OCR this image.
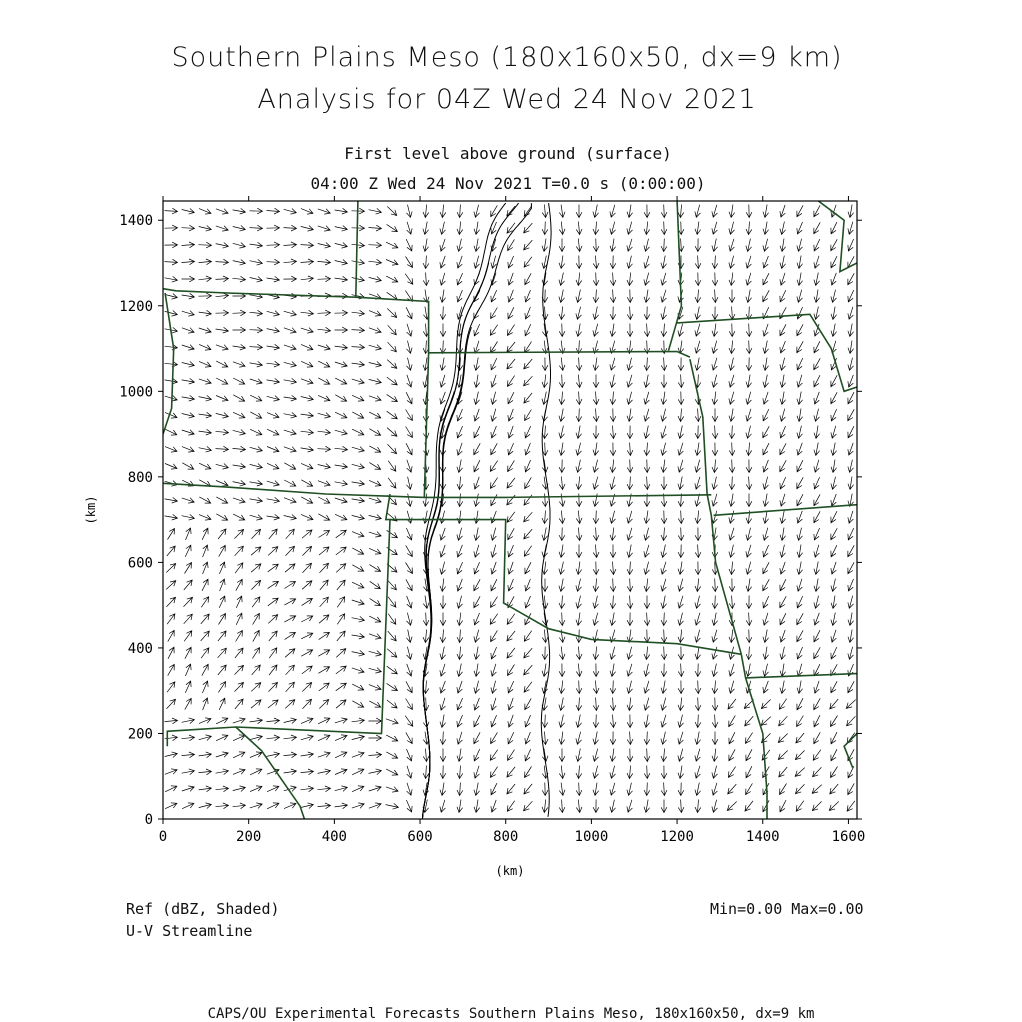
Southern Plains Meso (180x160x50, dx=9 km)
Analysis for 04Z Wed 24 Nov 2021
First level above ground (surface)
04:00 Z Wed 24 Nov 2021 T=0.0 s (0:00:00)
0	200	400	600	800	1000	1200	1400	1600
0
200
400
600
800
1000
1200
1400
(km)
(km)
Ref (dBZ, Shaded)
U-V Streamline
Min=0.00 Max=0.00
CAPS/OU Experimental Forecasts Southern Plains Meso, 180x160x50, dx=9 km
